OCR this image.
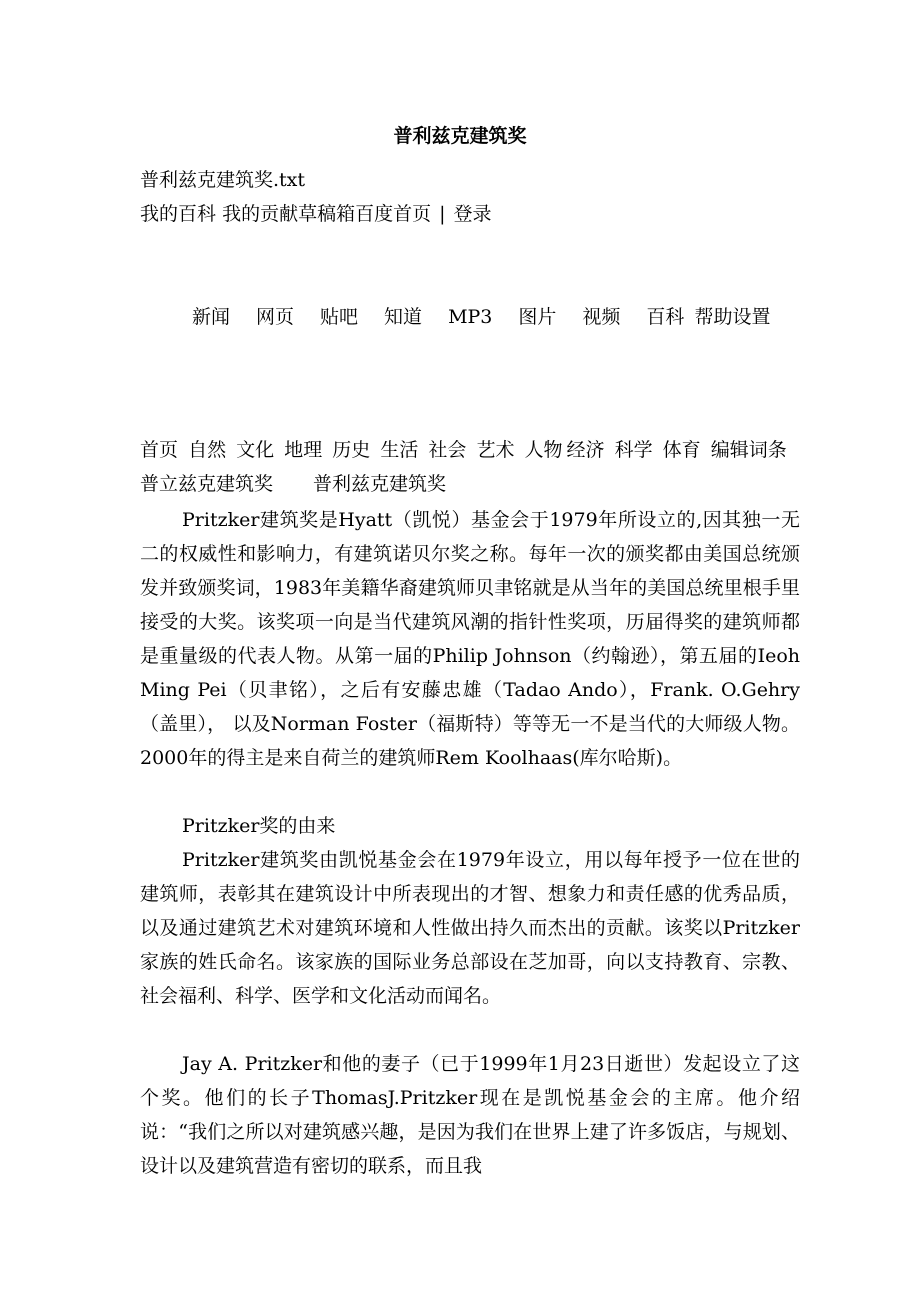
普利兹克建筑奖

普利兹克建筑奖.txt

我的百科 我的贡献草稿箱百度首页 | 登录

新闻 网页 贴吧 知道 MP3 图片 视频 百科 帮助设置

首页 自然 文化 地理 历史 生活 社会 艺术 人物 经济 科学 体育 编辑词条 普立兹克建筑奖 普利兹克建筑奖

Pritzker建筑奖是Hyatt（凯悦）基金会于1979年所设立的,因其独一无二的权威性和影响力，有建筑诺贝尔奖之称。每年一次的颁奖都由美国总统颁发并致颁奖词，1983年美籍华裔建筑师贝聿铭就是从当年的美国总统里根手里接受的大奖。该奖项一向是当代建筑风潮的指针性奖项，历届得奖的建筑师都是重量级的代表人物。从第一届的Philip Johnson（约翰逊），第五届的Ieoh Ming Pei（贝聿铭），之后有安藤忠雄（Tadao Ando），Frank. O.Gehry（盖里）， 以及Norman Foster（福斯特）等等无一不是当代的大师级人物。 2000年的得主是来自荷兰的建筑师Rem Koolhaas(库尔哈斯)。

Pritzker奖的由来

Pritzker建筑奖由凯悦基金会在1979年设立，用以每年授予一位在世的建筑师，表彰其在建筑设计中所表现出的才智、想象力和责任感的优秀品质，以及通过建筑艺术对建筑环境和人性做出持久而杰出的贡献。该奖以Pritzker家族的姓氏命名。该家族的国际业务总部设在芝加哥，向以支持教育、宗教、社会福利、科学、医学和文化活动而闻名。

Jay A. Pritzker和他的妻子（已于1999年1月23日逝世）发起设立了这个奖。他们的长子ThomasJ.Pritzker现在是凯悦基金会的主席。他介绍说：“我们之所以对建筑感兴趣，是因为我们在世界上建了许多饭店，与规划、设计以及建筑营造有密切的联系，而且我
